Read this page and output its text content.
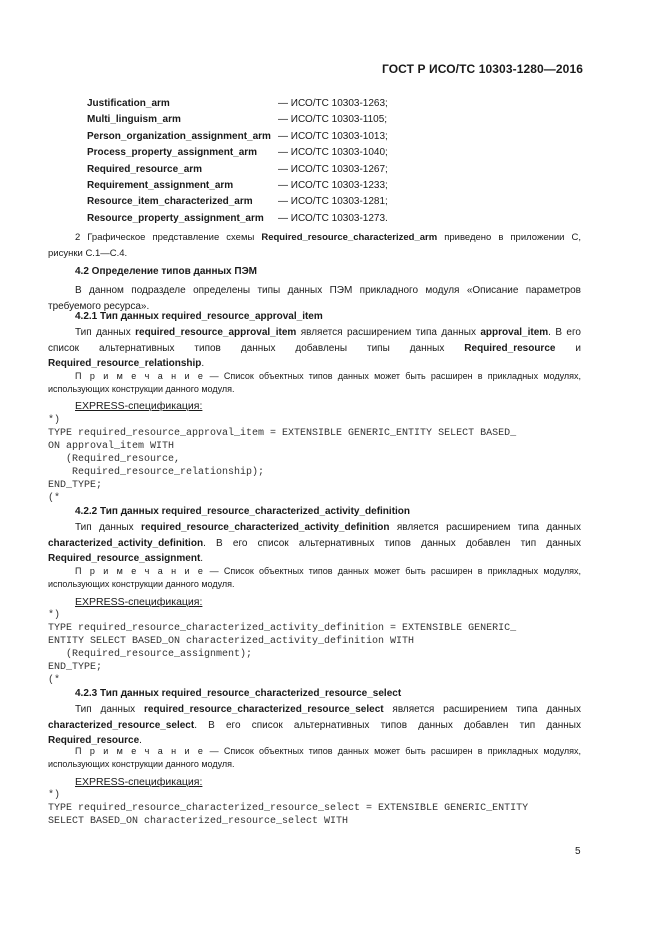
ГОСТ Р ИСО/ТС 10303-1280—2016
Justification_arm	— ИСО/ТС 10303-1263;
Multi_linguism_arm	— ИСО/ТС 10303-1105;
Person_organization_assignment_arm — ИСО/ТС 10303-1013;
Process_property_assignment_arm — ИСО/ТС 10303-1040;
Required_resource_arm	— ИСО/ТС 10303-1267;
Requirement_assignment_arm	— ИСО/ТС 10303-1233;
Resource_item_characterized_arm	— ИСО/ТС 10303-1281;
Resource_property_assignment_arm — ИСО/ТС 10303-1273.
2 Графическое представление схемы Required_resource_characterized_arm приведено в приложении С, рисунки С.1—С.4.
4.2 Определение типов данных ПЭМ
В данном подразделе определены типы данных ПЭМ прикладного модуля «Описание параметров требуемого ресурса».
4.2.1 Тип данных required_resource_approval_item
Тип данных required_resource_approval_item является расширением типа данных approval_item. В его список альтернативных типов данных добавлены типы данных Required_resource и Required_resource_relationship.
П р и м е ч а н и е — Список объектных типов данных может быть расширен в прикладных модулях, использующих конструкции данного модуля.
EXPRESS-спецификация:
*)
TYPE required_resource_approval_item = EXTENSIBLE GENERIC_ENTITY SELECT BASED_
ON approval_item WITH
(Required_resource,
Required_resource_relationship);
END_TYPE;
(*
4.2.2 Тип данных required_resource_characterized_activity_definition
Тип данных required_resource_characterized_activity_definition является расширением типа данных characterized_activity_definition. В его список альтернативных типов данных добавлен тип данных Required_resource_assignment.
П р и м е ч а н и е — Список объектных типов данных может быть расширен в прикладных модулях, использующих конструкции данного модуля.
EXPRESS-спецификация:
*)
TYPE required_resource_characterized_activity_definition = EXTENSIBLE GENERIC_
ENTITY SELECT BASED_ON characterized_activity_definition WITH
(Required_resource_assignment);
END_TYPE;
(*
4.2.3 Тип данных required_resource_characterized_resource_select
Тип данных required_resource_characterized_resource_select является расширением типа данных characterized_resource_select. В его список альтернативных типов данных добавлен тип данных Required_resource.
П р и м е ч а н и е — Список объектных типов данных может быть расширен в прикладных модулях, использующих конструкции данного модуля.
EXPRESS-спецификация:
*)
TYPE required_resource_characterized_resource_select = EXTENSIBLE GENERIC_ENTITY
SELECT BASED_ON characterized_resource_select WITH
5
